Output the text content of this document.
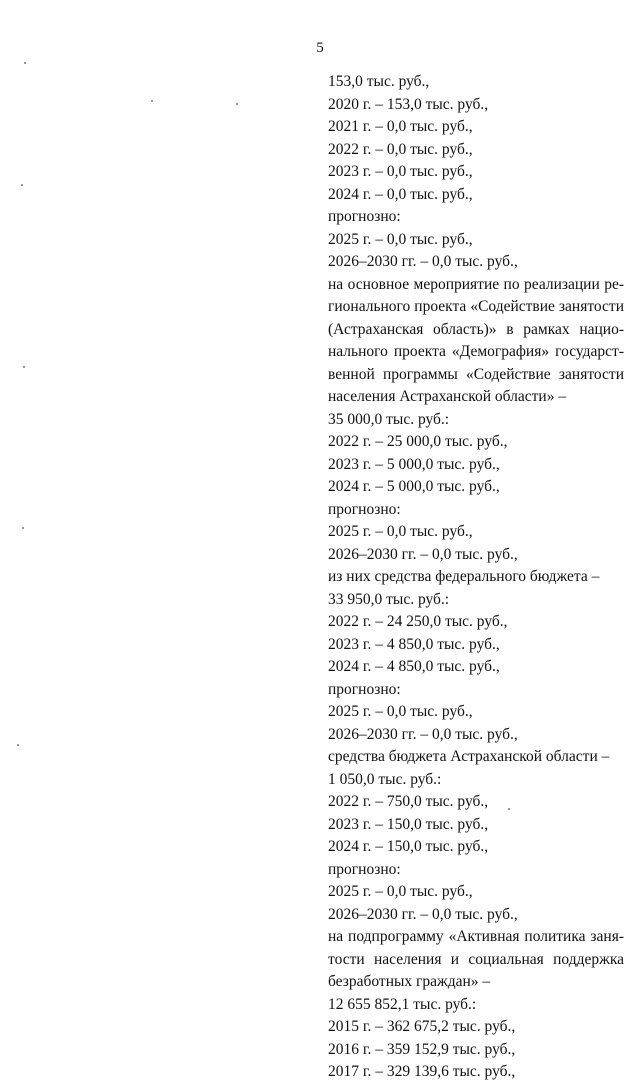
5
153,0 тыс. руб.,
2020 г. – 153,0 тыс. руб.,
2021 г. – 0,0 тыс. руб.,
2022 г. – 0,0 тыс. руб.,
2023 г. – 0,0 тыс. руб.,
2024 г. – 0,0 тыс. руб.,
прогнозно:
2025 г. – 0,0 тыс. руб.,
2026–2030 гг. – 0,0 тыс. руб.,
на основное мероприятие по реализации ре-
гионального проекта «Содействие занятости
(Астраханская область)» в рамках нацио-
нального проекта «Демография» государст-
венной программы «Содействие занятости
населения Астраханской области» –
35 000,0 тыс. руб.:
2022 г. – 25 000,0 тыс. руб.,
2023 г. – 5 000,0 тыс. руб.,
2024 г. – 5 000,0 тыс. руб.,
прогнозно:
2025 г. – 0,0 тыс. руб.,
2026–2030 гг. – 0,0 тыс. руб.,
из них средства федерального бюджета –
33 950,0 тыс. руб.:
2022 г. – 24 250,0 тыс. руб.,
2023 г. – 4 850,0 тыс. руб.,
2024 г. – 4 850,0 тыс. руб.,
прогнозно:
2025 г. – 0,0 тыс. руб.,
2026–2030 гг. – 0,0 тыс. руб.,
средства бюджета Астраханской области –
1 050,0 тыс. руб.:
2022 г. – 750,0 тыс. руб.,
2023 г. – 150,0 тыс. руб.,
2024 г. – 150,0 тыс. руб.,
прогнозно:
2025 г. – 0,0 тыс. руб.,
2026–2030 гг. – 0,0 тыс. руб.,
на подпрограмму «Активная политика заня-
тости населения и социальная поддержка
безработных граждан» –
12 655 852,1 тыс. руб.:
2015 г. – 362 675,2 тыс. руб.,
2016 г. – 359 152,9 тыс. руб.,
2017 г. – 329 139,6 тыс. руб.,
